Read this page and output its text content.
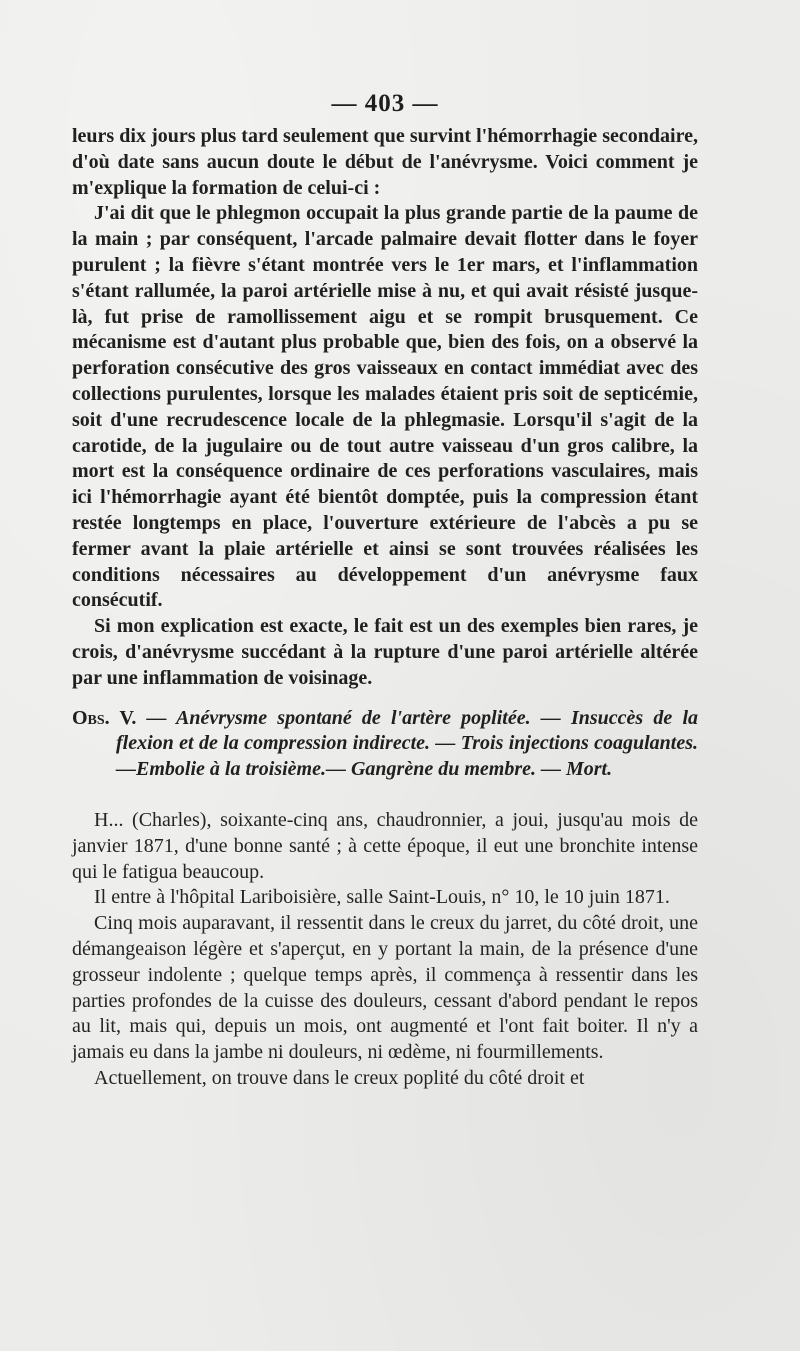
— 403 —

leurs dix jours plus tard seulement que survint l'hémorrhagie secondaire, d'où date sans aucun doute le début de l'anévrysme. Voici comment je m'explique la formation de celui-ci :

J'ai dit que le phlegmon occupait la plus grande partie de la paume de la main ; par conséquent, l'arcade palmaire devait flotter dans le foyer purulent ; la fièvre s'étant montrée vers le 1er mars, et l'inflammation s'étant rallumée, la paroi artérielle mise à nu, et qui avait résisté jusque-là, fut prise de ramollissement aigu et se rompit brusquement. Ce mécanisme est d'autant plus probable que, bien des fois, on a observé la perforation consécutive des gros vaisseaux en contact immédiat avec des collections purulentes, lorsque les malades étaient pris soit de septicémie, soit d'une recrudescence locale de la phlegmasie. Lorsqu'il s'agit de la carotide, de la jugulaire ou de tout autre vaisseau d'un gros calibre, la mort est la conséquence ordinaire de ces perforations vasculaires, mais ici l'hémorrhagie ayant été bientôt domptée, puis la compression étant restée longtemps en place, l'ouverture extérieure de l'abcès a pu se fermer avant la plaie artérielle et ainsi se sont trouvées réalisées les conditions nécessaires au développement d'un anévrysme faux consécutif.

Si mon explication est exacte, le fait est un des exemples bien rares, je crois, d'anévrysme succédant à la rupture d'une paroi artérielle altérée par une inflammation de voisinage.

Obs. V. — Anévrysme spontané de l'artère poplitée. — Insuccès de la flexion et de la compression indirecte. — Trois injections coagulantes.—Embolie à la troisième.— Gangrène du membre. — Mort.

H... (Charles), soixante-cinq ans, chaudronnier, a joui, jusqu'au mois de janvier 1871, d'une bonne santé ; à cette époque, il eut une bronchite intense qui le fatigua beaucoup.

Il entre à l'hôpital Lariboisière, salle Saint-Louis, n° 10, le 10 juin 1871.

Cinq mois auparavant, il ressentit dans le creux du jarret, du côté droit, une démangeaison légère et s'aperçut, en y portant la main, de la présence d'une grosseur indolente ; quelque temps après, il commença à ressentir dans les parties profondes de la cuisse des douleurs, cessant d'abord pendant le repos au lit, mais qui, depuis un mois, ont augmenté et l'ont fait boiter. Il n'y a jamais eu dans la jambe ni douleurs, ni œdème, ni fourmillements.

Actuellement, on trouve dans le creux poplité du côté droit et
